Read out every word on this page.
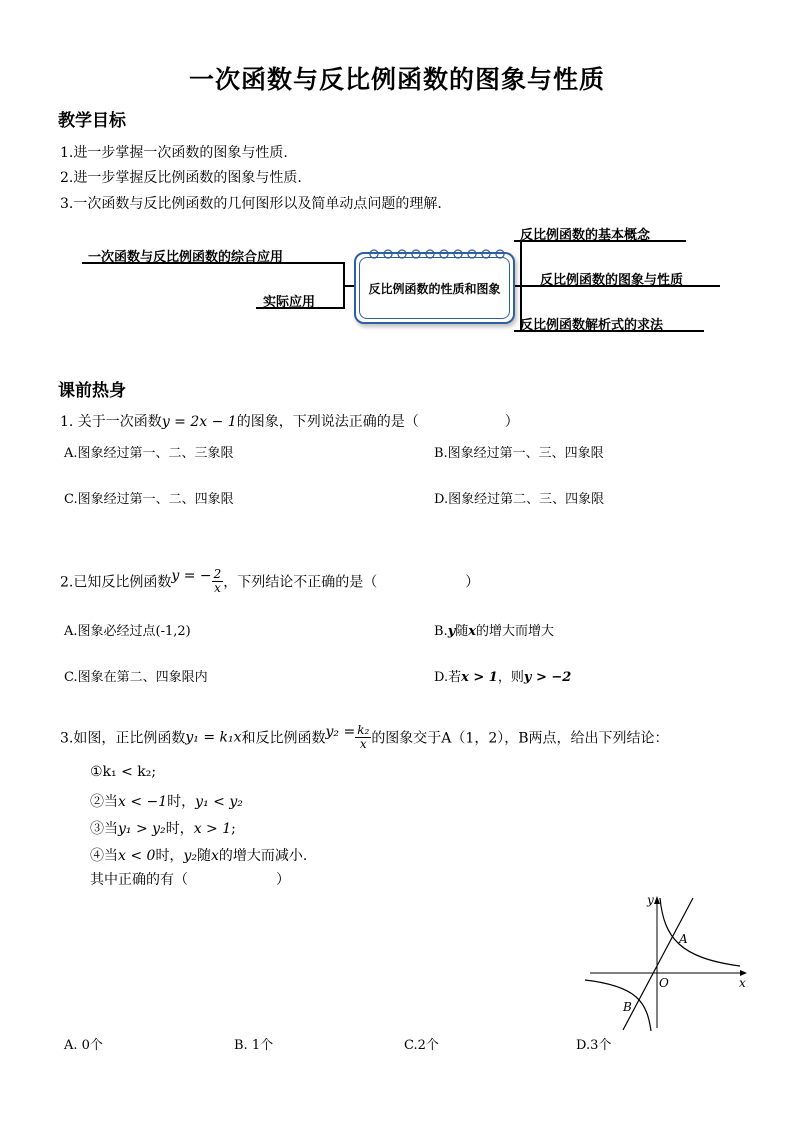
一次函数与反比例函数的图象与性质
教学目标
1.进一步掌握一次函数的图象与性质.
2.进一步掌握反比例函数的图象与性质.
3.一次函数与反比例函数的几何图形以及简单动点问题的理解.
一次函数与反比例函数的综合应用
实际应用
反比例函数的基本概念
反比例函数的图象与性质
反比例函数解析式的求法
反比例函数的性质和图象
课前热身
1. 关于一次函数y = 2x − 1的图象，下列说法正确的是（	）
A.图象经过第一、二、三象限	B.图象经过第一、三、四象限
C.图象经过第一、二、四象限	D.图象经过第二、三、四象限
2.已知反比例函数y = − $\frac{2}{x}$ ，下列结论不正确的是（	）
A.图象必经过点(-1,2)	B.y随x的增大而增大
C.图象在第二、四象限内	D.若x > 1，则y > −2
3.如图，正比例函数y₁ = k₁x和反比例函数$y_2 = \frac{\text{k₂}}{x}$ 的图象交于A（1，2），B两点，给出下列结论：
①k₁ < k₂;
②当x < −1时，y₁ < y₂
③当y₁ > y₂时，x > 1;
④当x < 0时，y₂随x的增大而减小.
其中正确的有（	）
y
x
O
A
B
A. 0个	B. 1个	C.2个	D.3个
